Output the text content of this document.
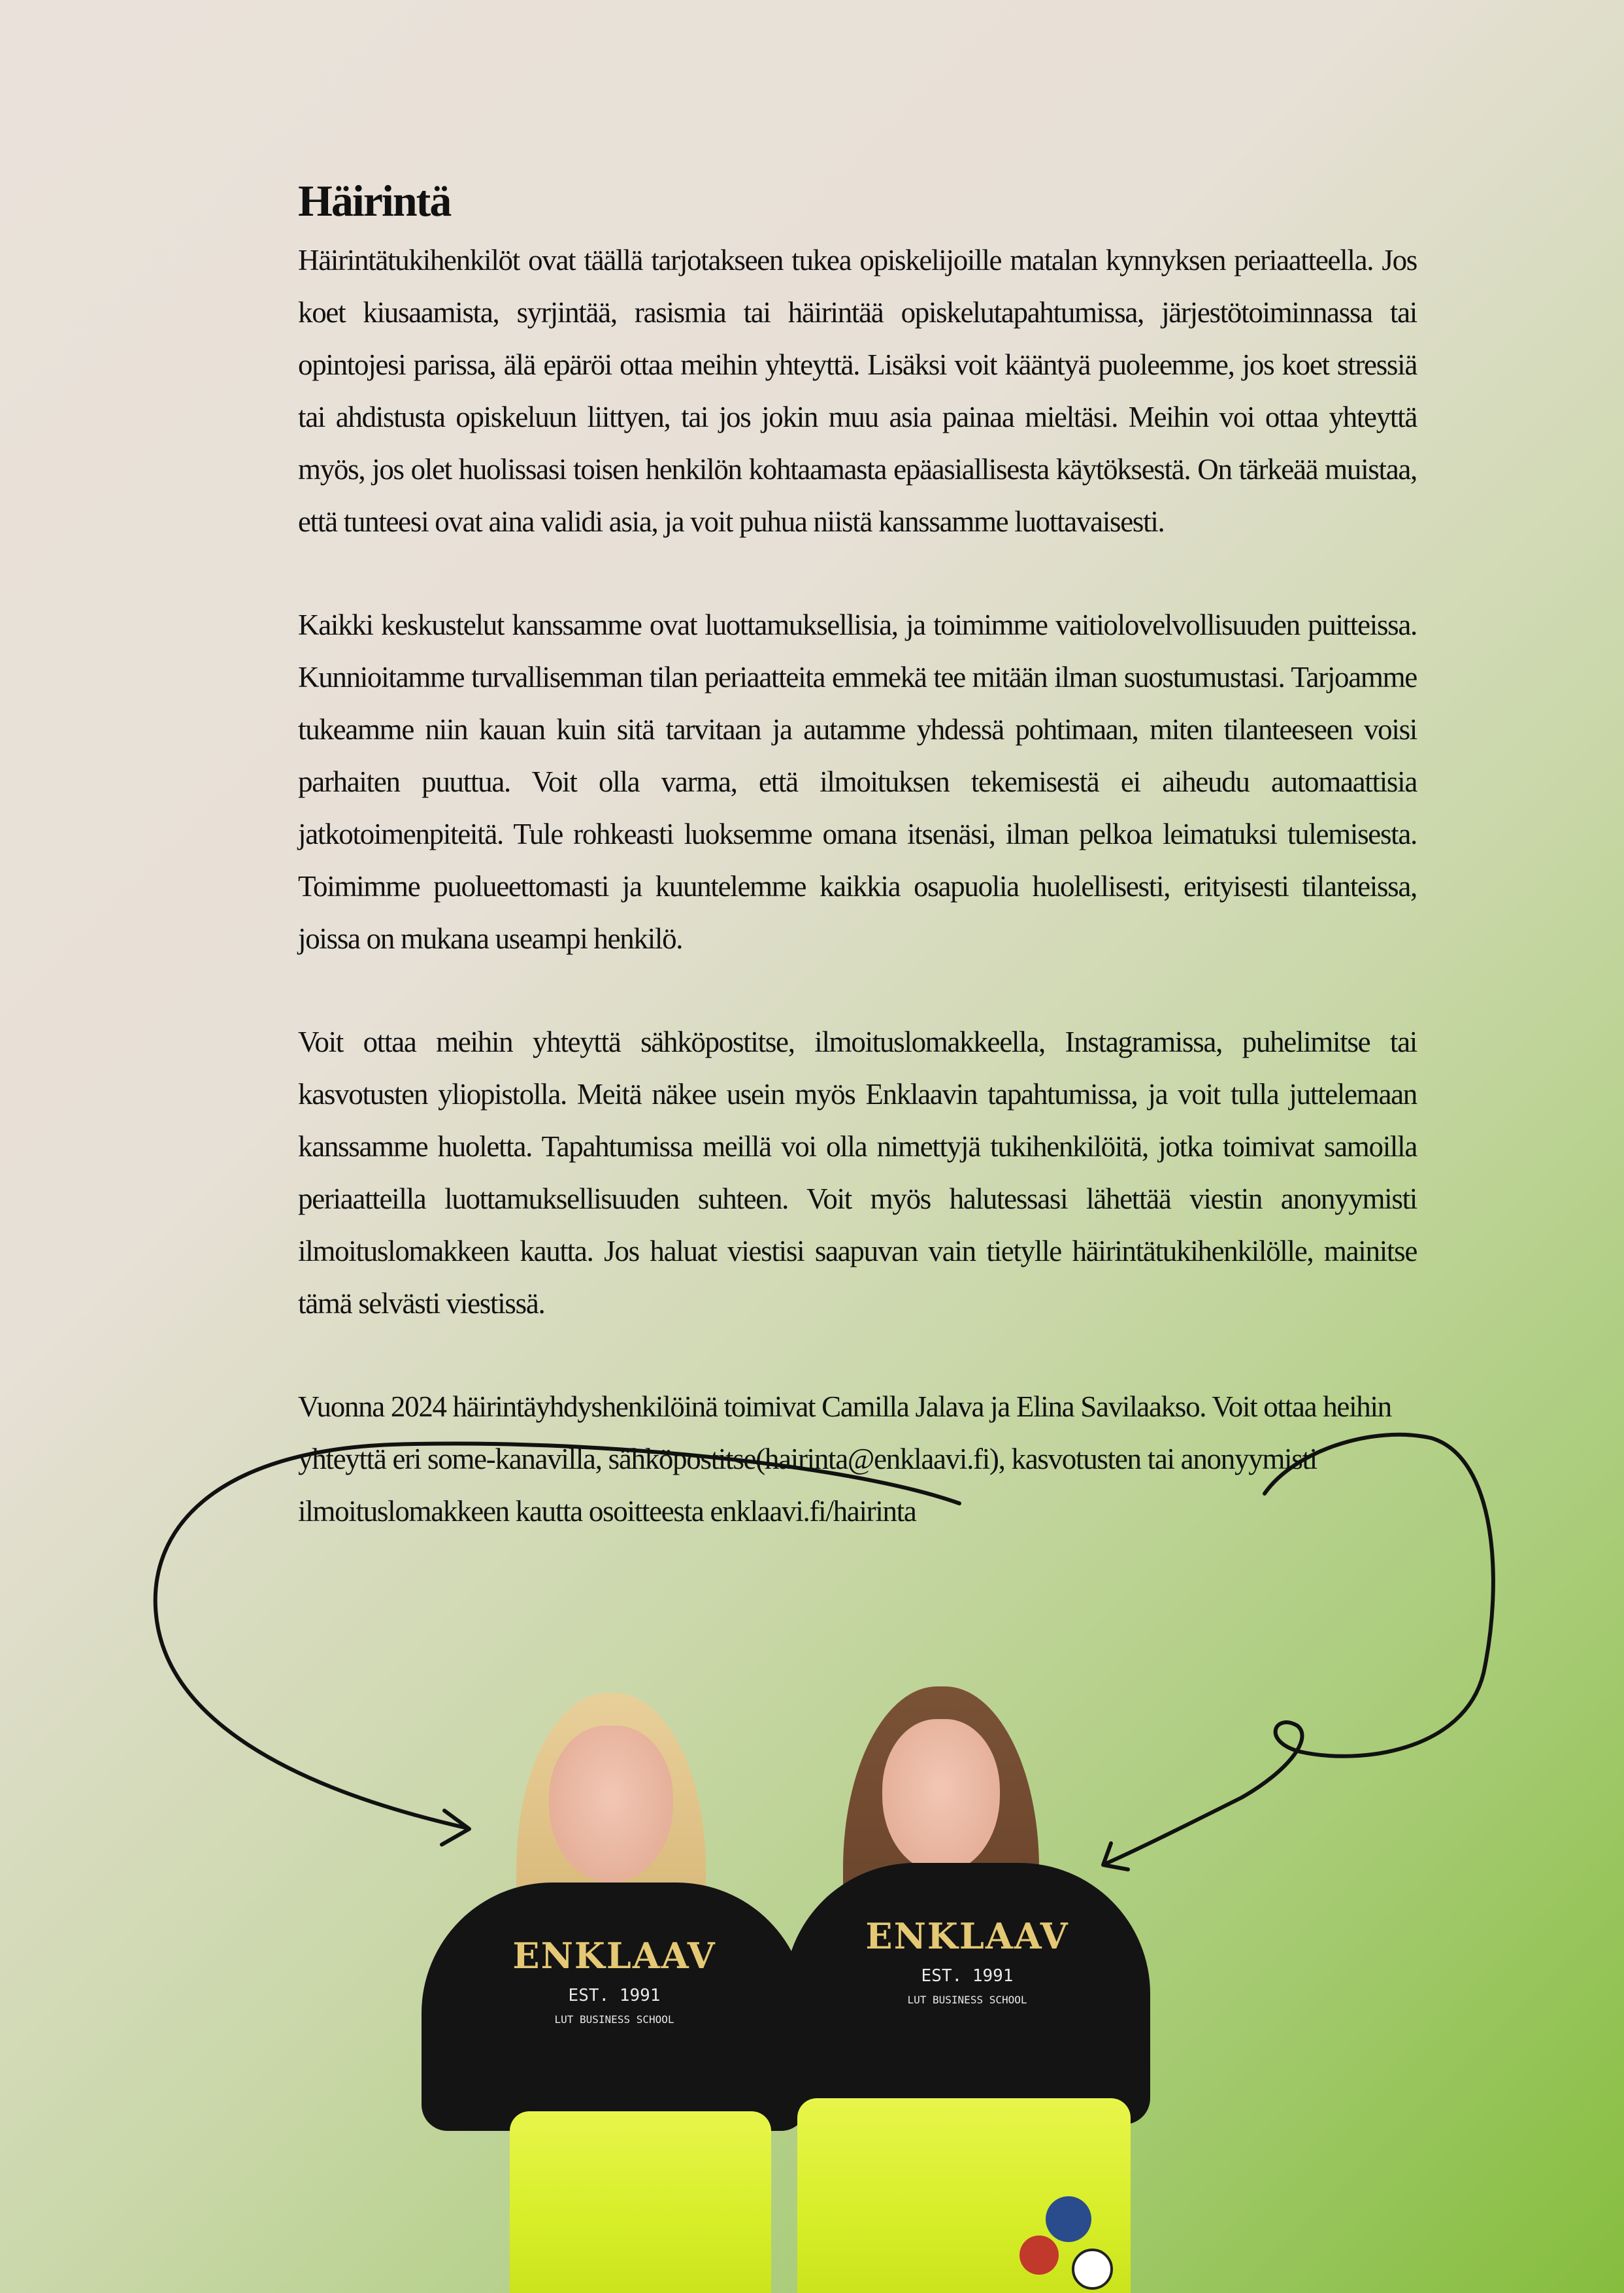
Häirintä

Häirintätukihenkilöt ovat täällä tarjotakseen tukea opiskelijoille matalan kynnyksen periaatteella. Jos koet kiusaamista, syrjintää, rasismia tai häirintää opiskelutapahtumissa, järjestötoiminnassa tai opintojesi parissa, älä epäröi ottaa meihin yhteyttä. Lisäksi voit kääntyä puoleemme, jos koet stressiä tai ahdistusta opiskeluun liittyen, tai jos jokin muu asia painaa mieltäsi. Meihin voi ottaa yhteyttä myös, jos olet huolissasi toisen henkilön kohtaamasta epäasiallisesta käytöksestä. On tärkeää muistaa, että tunteesi ovat aina validi asia, ja voit puhua niistä kanssamme luottavaisesti.

Kaikki keskustelut kanssamme ovat luottamuksellisia, ja toimimme vaitiolovelvollisuuden puitteissa. Kunnioitamme turvallisemman tilan periaatteita emmekä tee mitään ilman suostumustasi. Tarjoamme tukeamme niin kauan kuin sitä tarvitaan ja autamme yhdessä pohtimaan, miten tilanteeseen voisi parhaiten puuttua. Voit olla varma, että ilmoituksen tekemisestä ei aiheudu automaattisia jatkotoimenpiteitä. Tule rohkeasti luoksemme omana itsenäsi, ilman pelkoa leimatuksi tulemisesta. Toimimme puolueettomasti ja kuuntelemme kaikkia osapuolia huolellisesti, erityisesti tilanteissa, joissa on mukana useampi henkilö.

Voit ottaa meihin yhteyttä sähköpostitse, ilmoituslomakkeella, Instagramissa, puhelimitse tai kasvotusten yliopistolla. Meitä näkee usein myös Enklaavin tapahtumissa, ja voit tulla juttelemaan kanssamme huoletta. Tapahtumissa meillä voi olla nimettyjä tukihenkilöitä, jotka toimivat samoilla periaatteilla luottamuksellisuuden suhteen. Voit myös halutessasi lähettää viestin anonyymisti ilmoituslomakkeen kautta. Jos haluat viestisi saapuvan vain tietylle häirintätukihenkilölle, mainitse tämä selvästi viestissä.

Vuonna 2024 häirintäyhdyshenkilöinä toimivat Camilla Jalava ja Elina Savilaakso. Voit ottaa heihin yhteyttä eri some-kanavilla, sähköpostitse(hairinta@enklaavi.fi), kasvotusten tai anonyymisti ilmoituslomakkeen kautta osoitteesta enklaavi.fi/hairinta

ENKLAAV
EST. 1991
LUT BUSINESS SCHOOL
ENKLAAV
EST. 1991
LUT BUSINESS SCHOOL
